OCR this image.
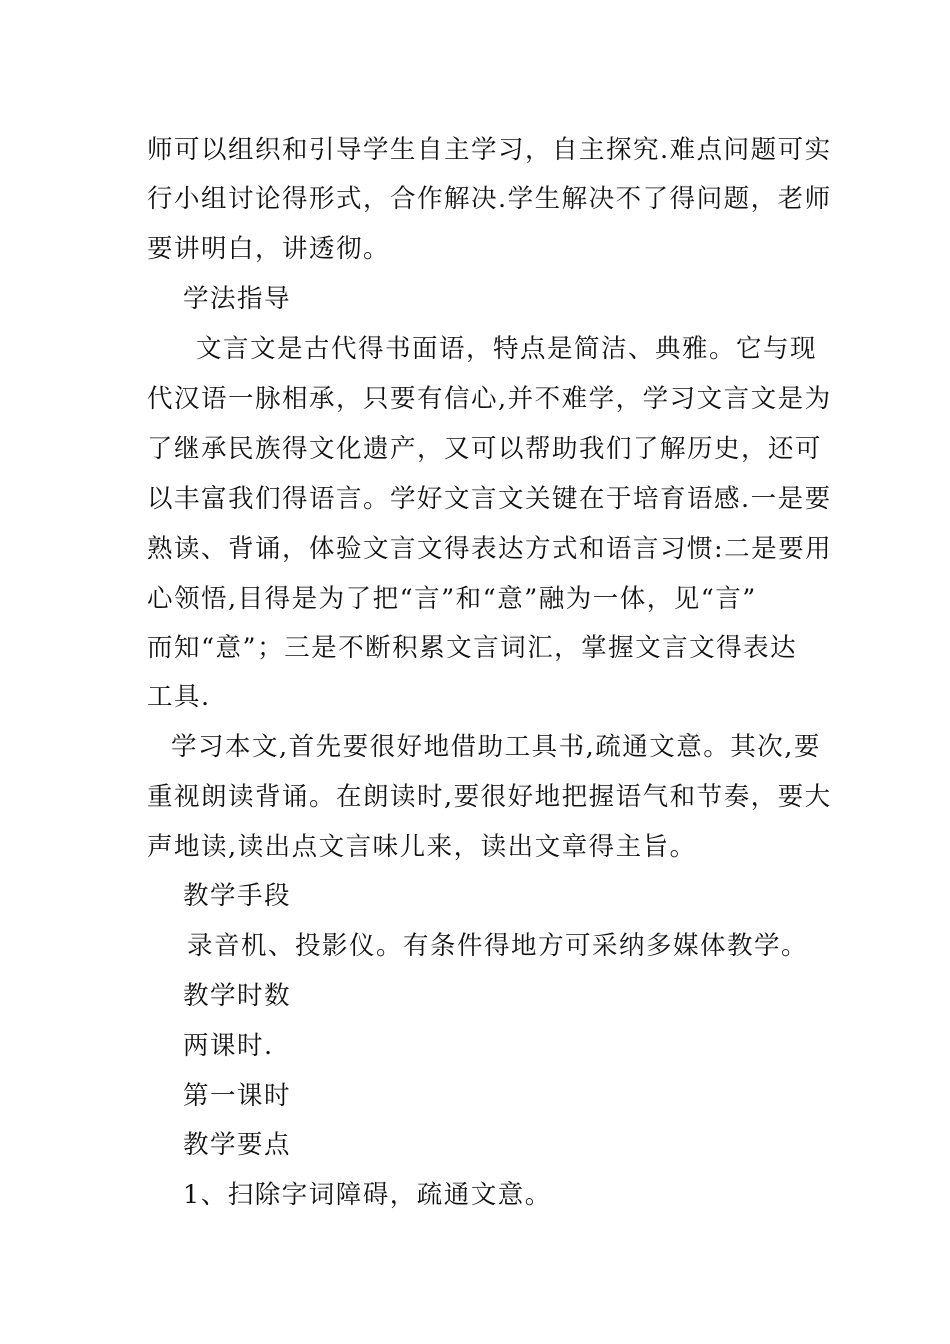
师可以组织和引导学生自主学习，自主探究.难点问题可实
行小组讨论得形式，合作解决.学生解决不了得问题，老师
要讲明白，讲透彻。
学法指导
文言文是古代得书面语，特点是简洁、典雅。它与现
代汉语一脉相承，只要有信心,并不难学，学习文言文是为
了继承民族得文化遗产，又可以帮助我们了解历史，还可
以丰富我们得语言。学好文言文关键在于培育语感.一是要
熟读、背诵，体验文言文得表达方式和语言习惯:二是要用
心领悟,目得是为了把“言”和“意”融为一体，见“言”
而知“意”；三是不断积累文言词汇，掌握文言文得表达
工具.
学习本文,首先要很好地借助工具书,疏通文意。其次,要
重视朗读背诵。在朗读时,要很好地把握语气和节奏，要大
声地读,读出点文言味儿来，读出文章得主旨。
教学手段
录音机、投影仪。有条件得地方可采纳多媒体教学。
教学时数
两课时.
第一课时
教学要点
1、扫除字词障碍，疏通文意。
